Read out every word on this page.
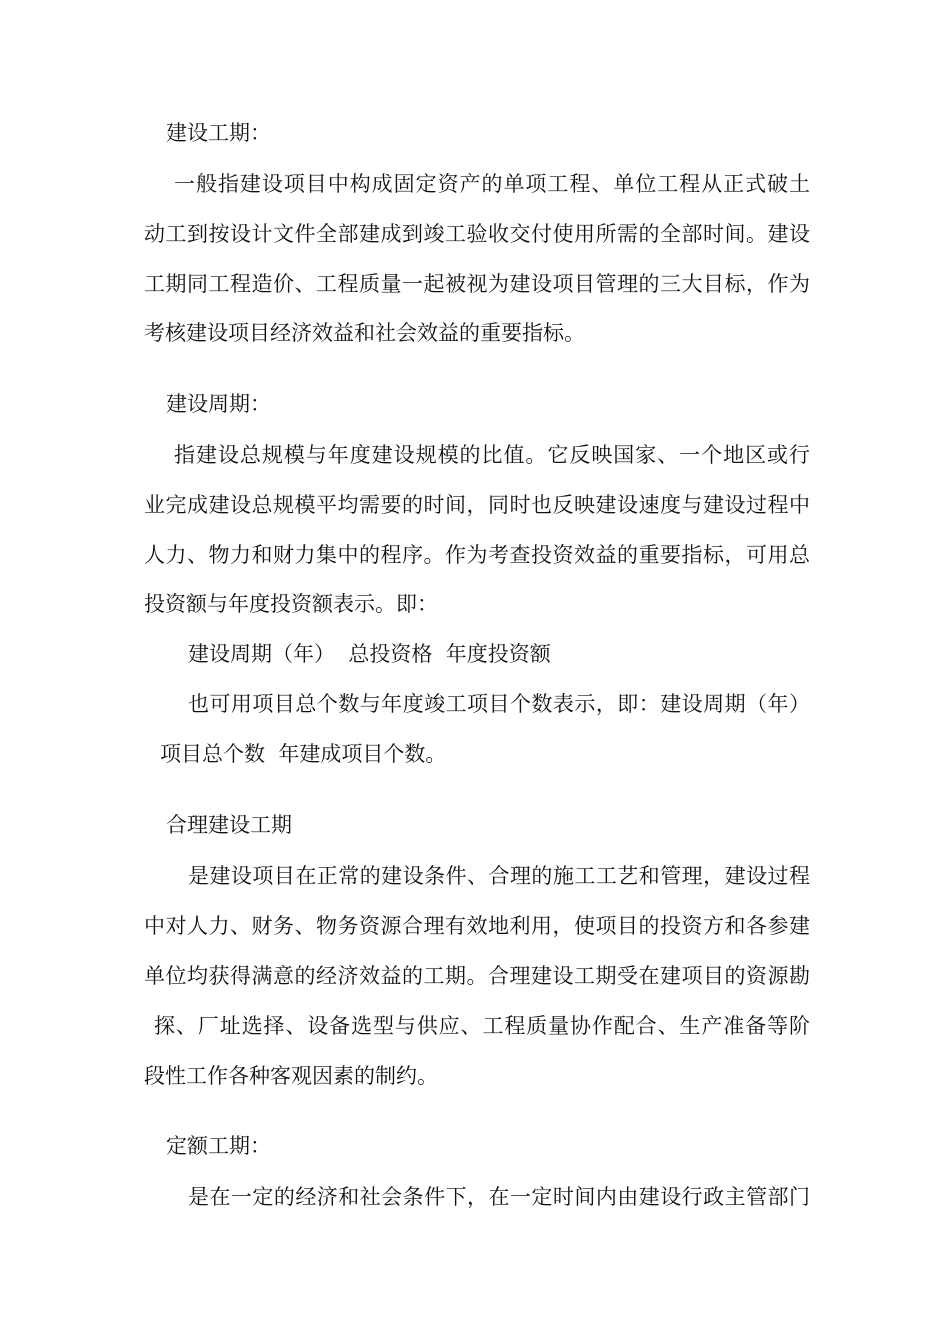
建设工期：

一般指建设项目中构成固定资产的单项工程、单位工程从正式破土

动工到按设计文件全部建成到竣工验收交付使用所需的全部时间。建设

工期同工程造价、工程质量一起被视为建设项目管理的三大目标，作为

考核建设项目经济效益和社会效益的重要指标。

建设周期：

指建设总规模与年度建设规模的比值。它反映国家、一个地区或行

业完成建设总规模平均需要的时间，同时也反映建设速度与建设过程中

人力、物力和财力集中的程序。作为考查投资效益的重要指标，可用总

投资额与年度投资额表示。即：

建设周期（年）  总投资格  年度投资额

也可用项目总个数与年度竣工项目个数表示，即：建设周期（年）

项目总个数  年建成项目个数。

合理建设工期

是建设项目在正常的建设条件、合理的施工工艺和管理，建设过程

中对人力、财务、物务资源合理有效地利用，使项目的投资方和各参建

单位均获得满意的经济效益的工期。合理建设工期受在建项目的资源勘

探、厂址选择、设备选型与供应、工程质量协作配合、生产准备等阶

段性工作各种客观因素的制约。

定额工期：

是在一定的经济和社会条件下，在一定时间内由建设行政主管部门
